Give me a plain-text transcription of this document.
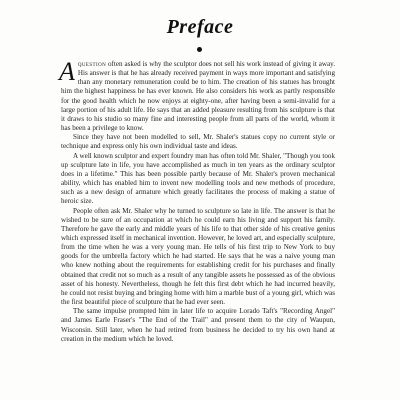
Preface

Aquestion often asked is why the sculptor does not sell his work instead of giving it away. His answer is that he has already received payment in ways more important and satisfying than any monetary remuneration could be to him. The creation of his statues has brought him the highest happiness he has ever known. He also considers his work as partly responsible for the good health which he now enjoys at eighty-one, after having been a semi-invalid for a large portion of his adult life. He says that an added pleasure resulting from his sculpture is that it draws to his studio so many fine and interesting people from all parts of the world, whom it has been a privilege to know.

Since they have not been modelled to sell, Mr. Shaler's statues copy no current style or technique and express only his own individual taste and ideas.

A well known sculptor and expert foundry man has often told Mr. Shaler, "Though you took up sculpture late in life, you have accomplished as much in ten years as the ordinary sculptor does in a lifetime." This has been possible partly because of Mr. Shaler's proven mechanical ability, which has enabled him to invent new modelling tools and new methods of procedure, such as a new design of armature which greatly facilitates the process of making a statue of heroic size.

People often ask Mr. Shaler why he turned to sculpture so late in life. The answer is that he wished to be sure of an occupation at which he could earn his living and support his family. Therefore he gave the early and middle years of his life to that other side of his creative genius which expressed itself in mechanical invention. However, he loved art, and especially sculpture, from the time when he was a very young man. He tells of his first trip to New York to buy goods for the umbrella factory which he had started. He says that he was a naive young man who knew nothing about the requirements for establishing credit for his purchases and finally obtained that credit not so much as a result of any tangible assets he possessed as of the obvious asset of his honesty. Nevertheless, though he felt this first debt which he had incurred heavily, he could not resist buying and bringing home with him a marble bust of a young girl, which was the first beautiful piece of sculpture that he had ever seen.

The same impulse prompted him in later life to acquire Lorado Taft's "Recording Angel" and James Earle Fraser's "The End of the Trail" and present them to the city of Waupun, Wisconsin. Still later, when he had retired from business he decided to try his own hand at creation in the medium which he loved.
